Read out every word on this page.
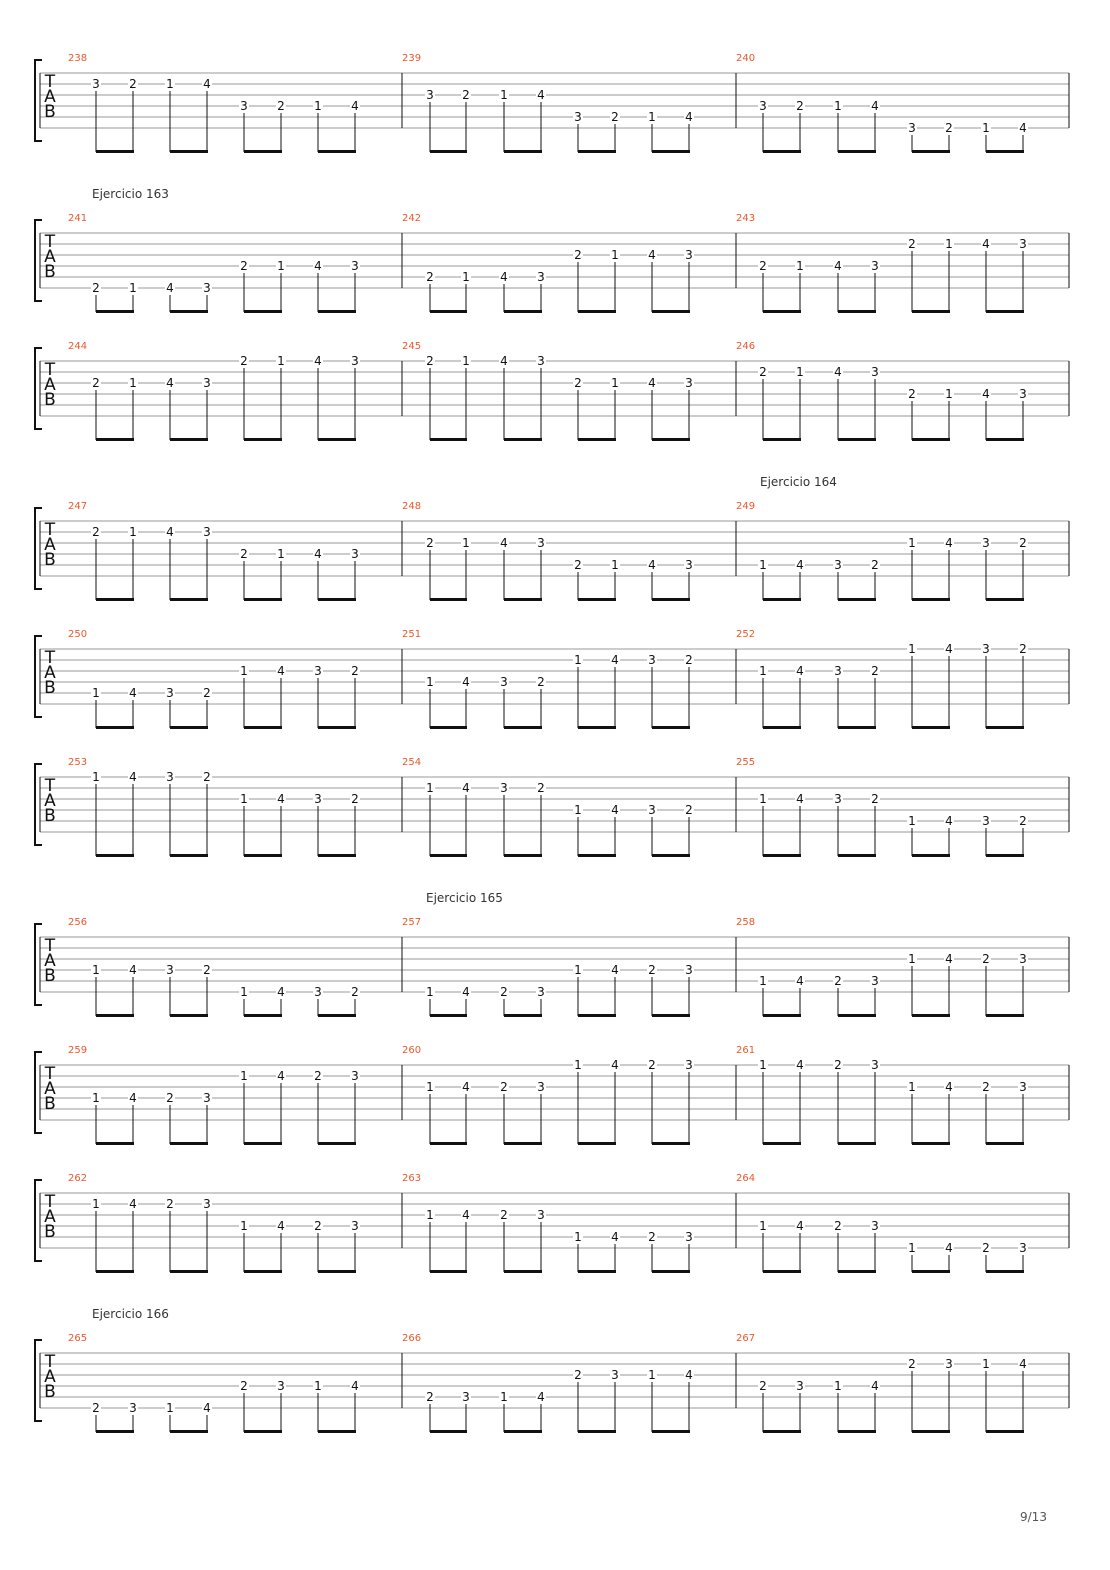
T
A
B
238
3 2 1 4
3 2 1 4
239
3 2	1 4
3 2 1 4
240
3 2	1 4
3 2 1 4
T
A
B
Ejercicio 163
241
2 1 4 3
2 1 4 3
242
2 1	4 3
2 1 4 3
243
2 1	4 3
2 1 4 3
T
A
B
244
2 1 4 3
2 1 4 3
245
2 1	4 3
2 1 4 3
246
2 1	4 3
2 1 4 3
T
A
B
Ejercicio 164
247
2 1 4 3
2 1 4 3
248
2 1	4 3
2 1 4 3
249
1 4	3 2
1 4 3 2
T
A
B
250
1 4 3 2
1 4 3 2
251
1 4	3 2
1 4 3 2
252
1 4	3 2
1 4 3 2
T
A
B
253
1 4 3 2
1 4 3 2
254
1 4	3 2
1 4 3 2
255
1 4	3 2
1 4 3 2
T
A
B
Ejercicio 165
256
1 4 3 2
1 4 3 2
257
1 4	2 3
1 4 2 3
258
1 4	2 3
1 4 2 3
T
A
B
259
1 4 2 3
1 4 2 3
260
1 4	2 3
1 4 2 3
261
1 4	2 3
1 4 2 3
T
A
B
262
1 4 2 3
1 4 2 3
263
1 4	2 3
1 4 2 3
264
1 4	2 3
1 4 2 3
T
A
B
Ejercicio 166
265
2 3 1 4
2 3 1 4
266
2 3	1 4
2 3 1 4
267
2 3	1 4
2 3 1 4
9/13
